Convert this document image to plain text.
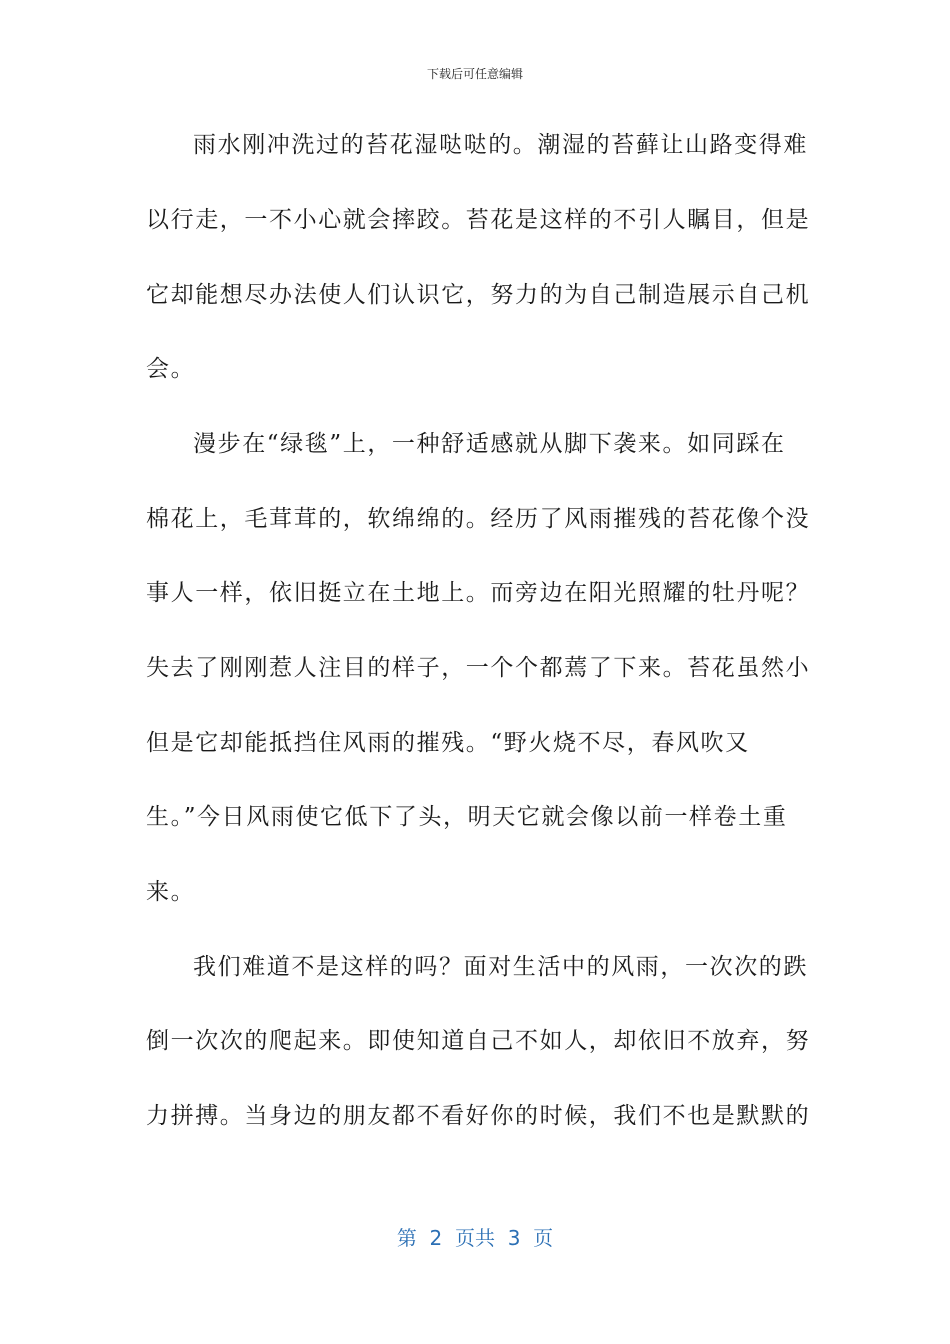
下载后可任意编辑
雨水刚冲洗过的苔花湿哒哒的。潮湿的苔藓让山路变得难
以行走，一不小心就会摔跤。苔花是这样的不引人瞩目，但是
它却能想尽办法使人们认识它，努力的为自己制造展示自己机
会。
漫步在“绿毯”上，一种舒适感就从脚下袭来。如同踩在
棉花上，毛茸茸的，软绵绵的。经历了风雨摧残的苔花像个没
事人一样，依旧挺立在土地上。而旁边在阳光照耀的牡丹呢？
失去了刚刚惹人注目的样子，一个个都蔫了下来。苔花虽然小
但是它却能抵挡住风雨的摧残。“野火烧不尽，春风吹又
生。”今日风雨使它低下了头，明天它就会像以前一样卷土重
来。
我们难道不是这样的吗？面对生活中的风雨，一次次的跌
倒一次次的爬起来。即使知道自己不如人，却依旧不放弃，努
力拼搏。当身边的朋友都不看好你的时候，我们不也是默默的
第  2  页共  3  页
